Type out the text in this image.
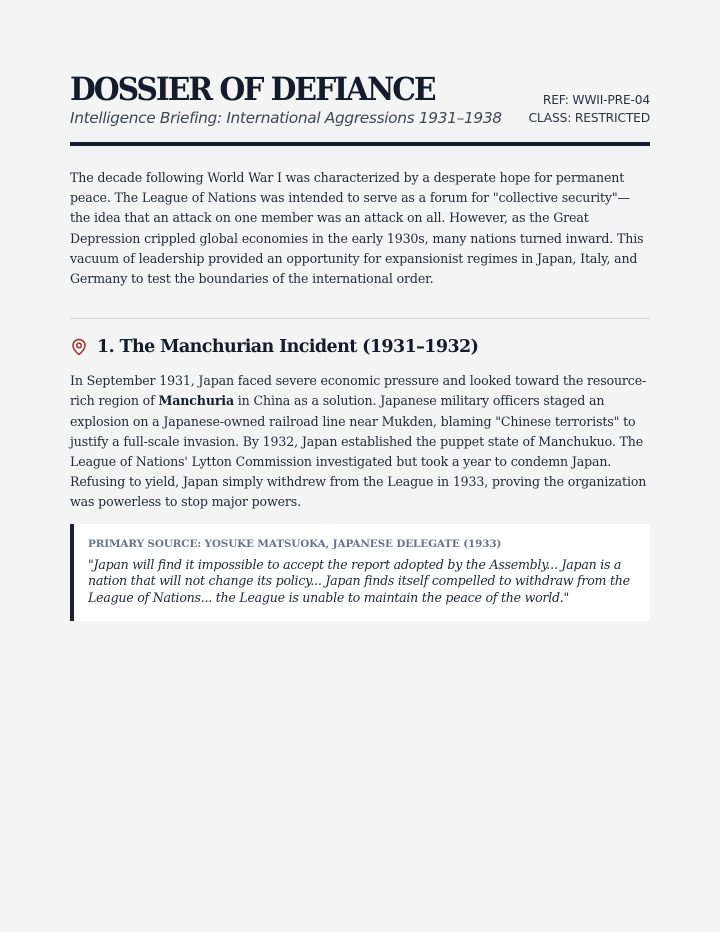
DOSSIER OF DEFIANCE
Intelligence Briefing: International Aggressions 1931–1938
REF: WWII-PRE-04
CLASS: RESTRICTED

The decade following World War I was characterized by a desperate hope for permanent peace. The League of Nations was intended to serve as a forum for "collective security"—the idea that an attack on one member was an attack on all. However, as the Great Depression crippled global economies in the early 1930s, many nations turned inward. This vacuum of leadership provided an opportunity for expansionist regimes in Japan, Italy, and Germany to test the boundaries of the international order.

1. The Manchurian Incident (1931–1932)

In September 1931, Japan faced severe economic pressure and looked toward the resource-rich region of Manchuria in China as a solution. Japanese military officers staged an explosion on a Japanese-owned railroad line near Mukden, blaming "Chinese terrorists" to justify a full-scale invasion. By 1932, Japan established the puppet state of Manchukuo. The League of Nations' Lytton Commission investigated but took a year to condemn Japan. Refusing to yield, Japan simply withdrew from the League in 1933, proving the organization was powerless to stop major powers.

PRIMARY SOURCE: YOSUKE MATSUOKA, JAPANESE DELEGATE (1933)
"Japan will find it impossible to accept the report adopted by the Assembly... Japan is a nation that will not change its policy... Japan finds itself compelled to withdraw from the League of Nations... the League is unable to maintain the peace of the world."
